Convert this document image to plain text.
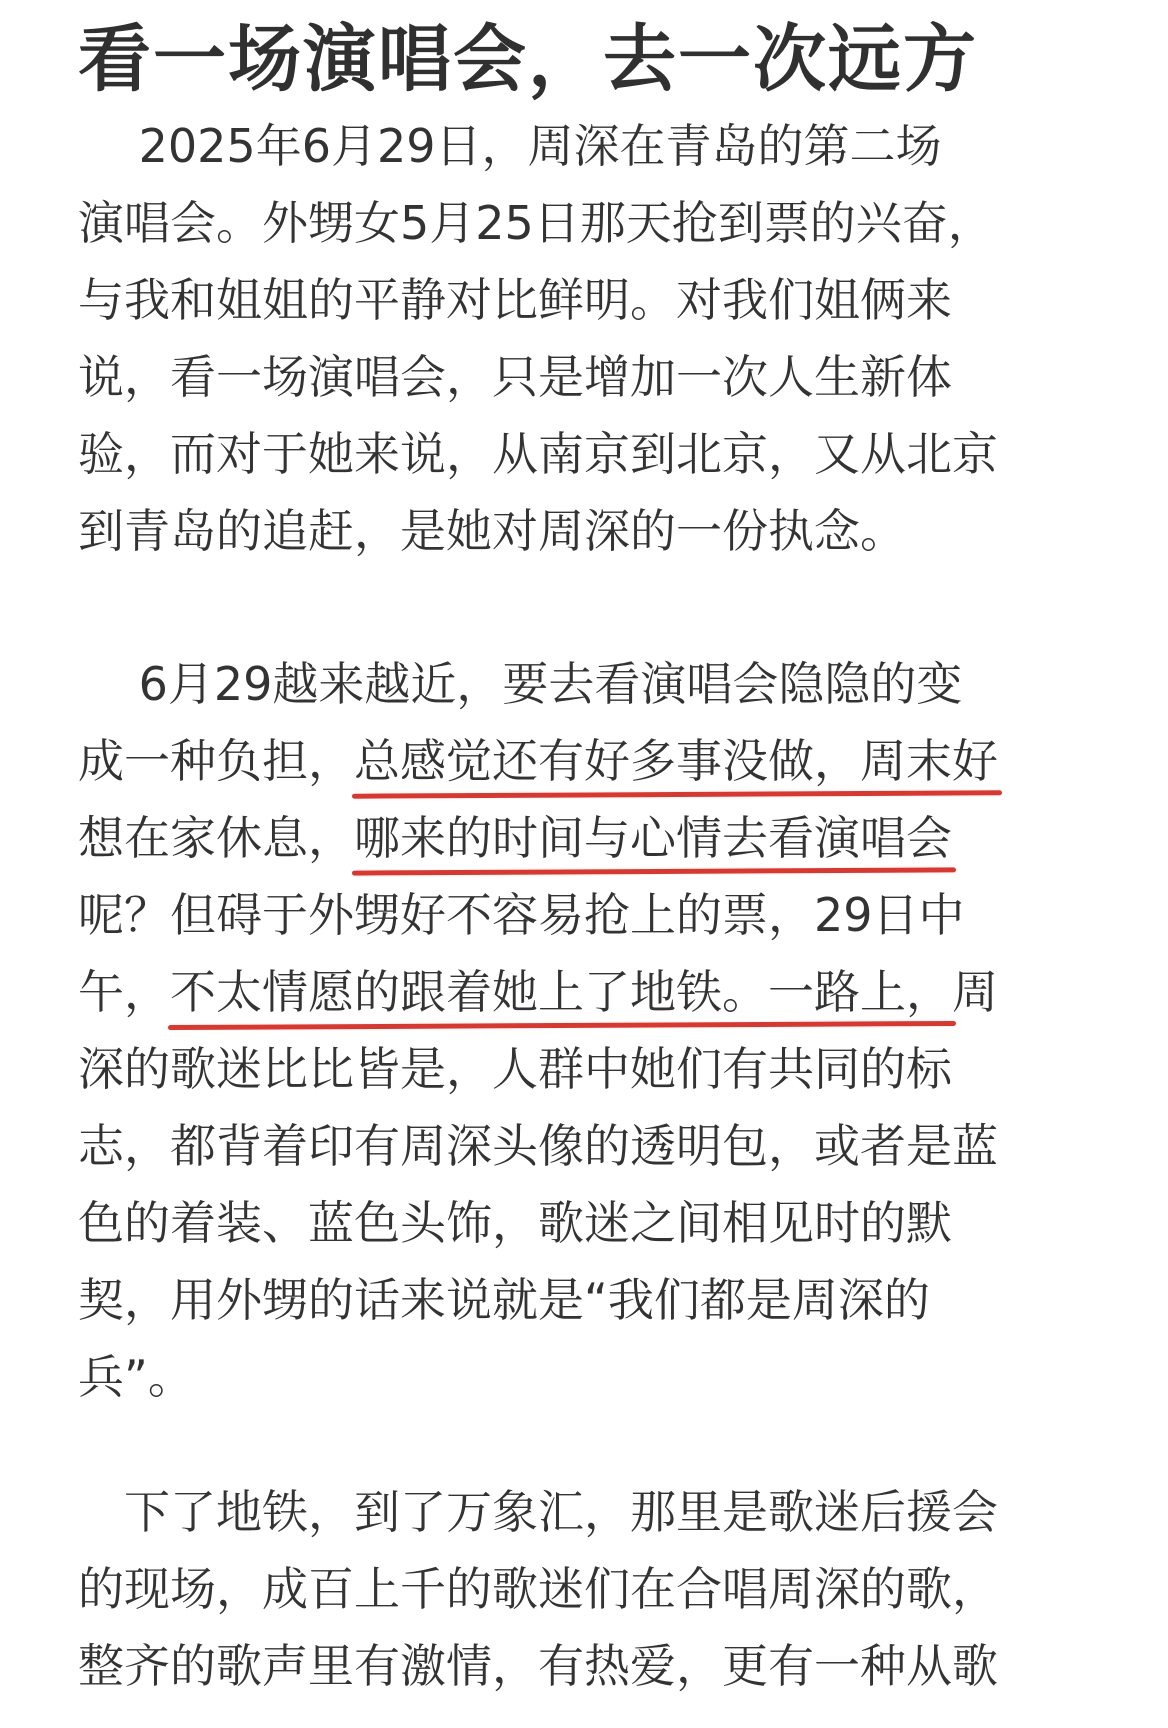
看一场演唱会，去一次远方
　 2025年6月29日，周深在青岛的第二场
演唱会。外甥女5月25日那天抢到票的兴奋，
与我和姐姐的平静对比鲜明。对我们姐俩来
说，看一场演唱会，只是增加一次人生新体
验，而对于她来说，从南京到北京，又从北京
到青岛的追赶，是她对周深的一份执念。
　 6月29越来越近，要去看演唱会隐隐的变
成一种负担，总感觉还有好多事没做，周末好
想在家休息，哪来的时间与心情去看演唱会
呢？但碍于外甥好不容易抢上的票，29日中
午，不太情愿的跟着她上了地铁。一路上，周
深的歌迷比比皆是，人群中她们有共同的标
志，都背着印有周深头像的透明包，或者是蓝
色的着装、蓝色头饰，歌迷之间相见时的默
契，用外甥的话来说就是“我们都是周深的
兵”。
　下了地铁，到了万象汇，那里是歌迷后援会
的现场，成百上千的歌迷们在合唱周深的歌，
整齐的歌声里有激情，有热爱，更有一种从歌
